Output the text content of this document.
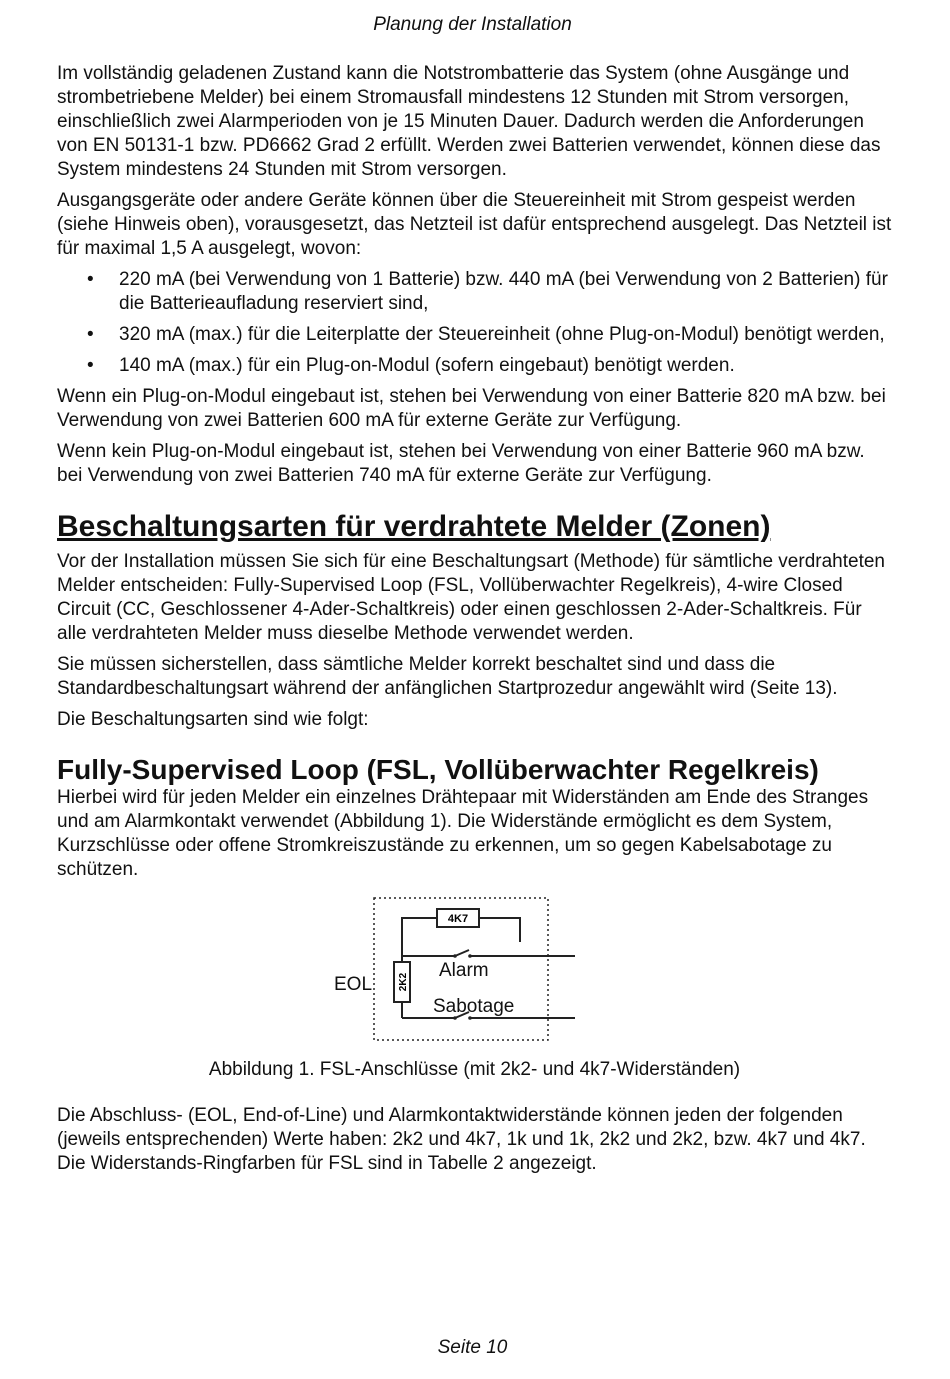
Planung der Installation

Im vollständig geladenen Zustand kann die Notstrombatterie das System (ohne Ausgänge und strombetriebene Melder) bei einem Stromausfall mindestens 12 Stunden mit Strom versorgen, einschließlich zwei Alarmperioden von je 15 Minuten Dauer. Dadurch werden die Anforderungen von EN 50131-1 bzw. PD6662 Grad 2 erfüllt. Werden zwei Batterien verwendet, können diese das System mindestens 24 Stunden mit Strom versorgen.

Ausgangsgeräte oder andere Geräte können über die Steuereinheit mit Strom gespeist werden (siehe Hinweis oben), vorausgesetzt, das Netzteil ist dafür entsprechend ausgelegt. Das Netzteil ist für maximal 1,5 A ausgelegt, wovon:

• 220 mA (bei Verwendung von 1 Batterie) bzw. 440 mA (bei Verwendung von 2 Batterien) für die Batterieaufladung reserviert sind,
• 320 mA (max.) für die Leiterplatte der Steuereinheit (ohne Plug-on-Modul) benötigt werden,
• 140 mA (max.) für ein Plug-on-Modul (sofern eingebaut) benötigt werden.

Wenn ein Plug-on-Modul eingebaut ist, stehen bei Verwendung von einer Batterie 820 mA bzw. bei Verwendung von zwei Batterien 600 mA für externe Geräte zur Verfügung.

Wenn kein Plug-on-Modul eingebaut ist, stehen bei Verwendung von einer Batterie 960 mA bzw. bei Verwendung von zwei Batterien 740 mA für externe Geräte zur Verfügung.

Beschaltungsarten für verdrahtete Melder (Zonen)

Vor der Installation müssen Sie sich für eine Beschaltungsart (Methode) für sämtliche verdrahteten Melder entscheiden: Fully-Supervised Loop (FSL, Vollüberwachter Regelkreis), 4-wire Closed Circuit (CC, Geschlossener 4-Ader-Schaltkreis) oder einen geschlossen 2-Ader-Schaltkreis. Für alle verdrahteten Melder muss dieselbe Methode verwendet werden.

Sie müssen sicherstellen, dass sämtliche Melder korrekt beschaltet sind und dass die Standardbeschaltungsart während der anfänglichen Startprozedur angewählt wird (Seite 13).

Die Beschaltungsarten sind wie folgt:

Fully-Supervised Loop (FSL, Vollüberwachter Regelkreis)

Hierbei wird für jeden Melder ein einzelnes Drähtepaar mit Widerständen am Ende des Stranges und am Alarmkontakt verwendet (Abbildung 1). Die Widerstände ermöglicht es dem System, Kurzschlüsse oder offene Stromkreiszustände zu erkennen, um so gegen Kabelsabotage zu schützen.

EOL
4K7
2K2
Alarm
Sabotage
Abbildung 1. FSL-Anschlüsse (mit 2k2- und 4k7-Widerständen)

Die Abschluss- (EOL, End-of-Line) und Alarmkontaktwiderstände können jeden der folgenden (jeweils entsprechenden) Werte haben: 2k2 und 4k7, 1k und 1k, 2k2 und 2k2, bzw. 4k7 und 4k7. Die Widerstands-Ringfarben für FSL sind in Tabelle 2 angezeigt.

Seite 10
